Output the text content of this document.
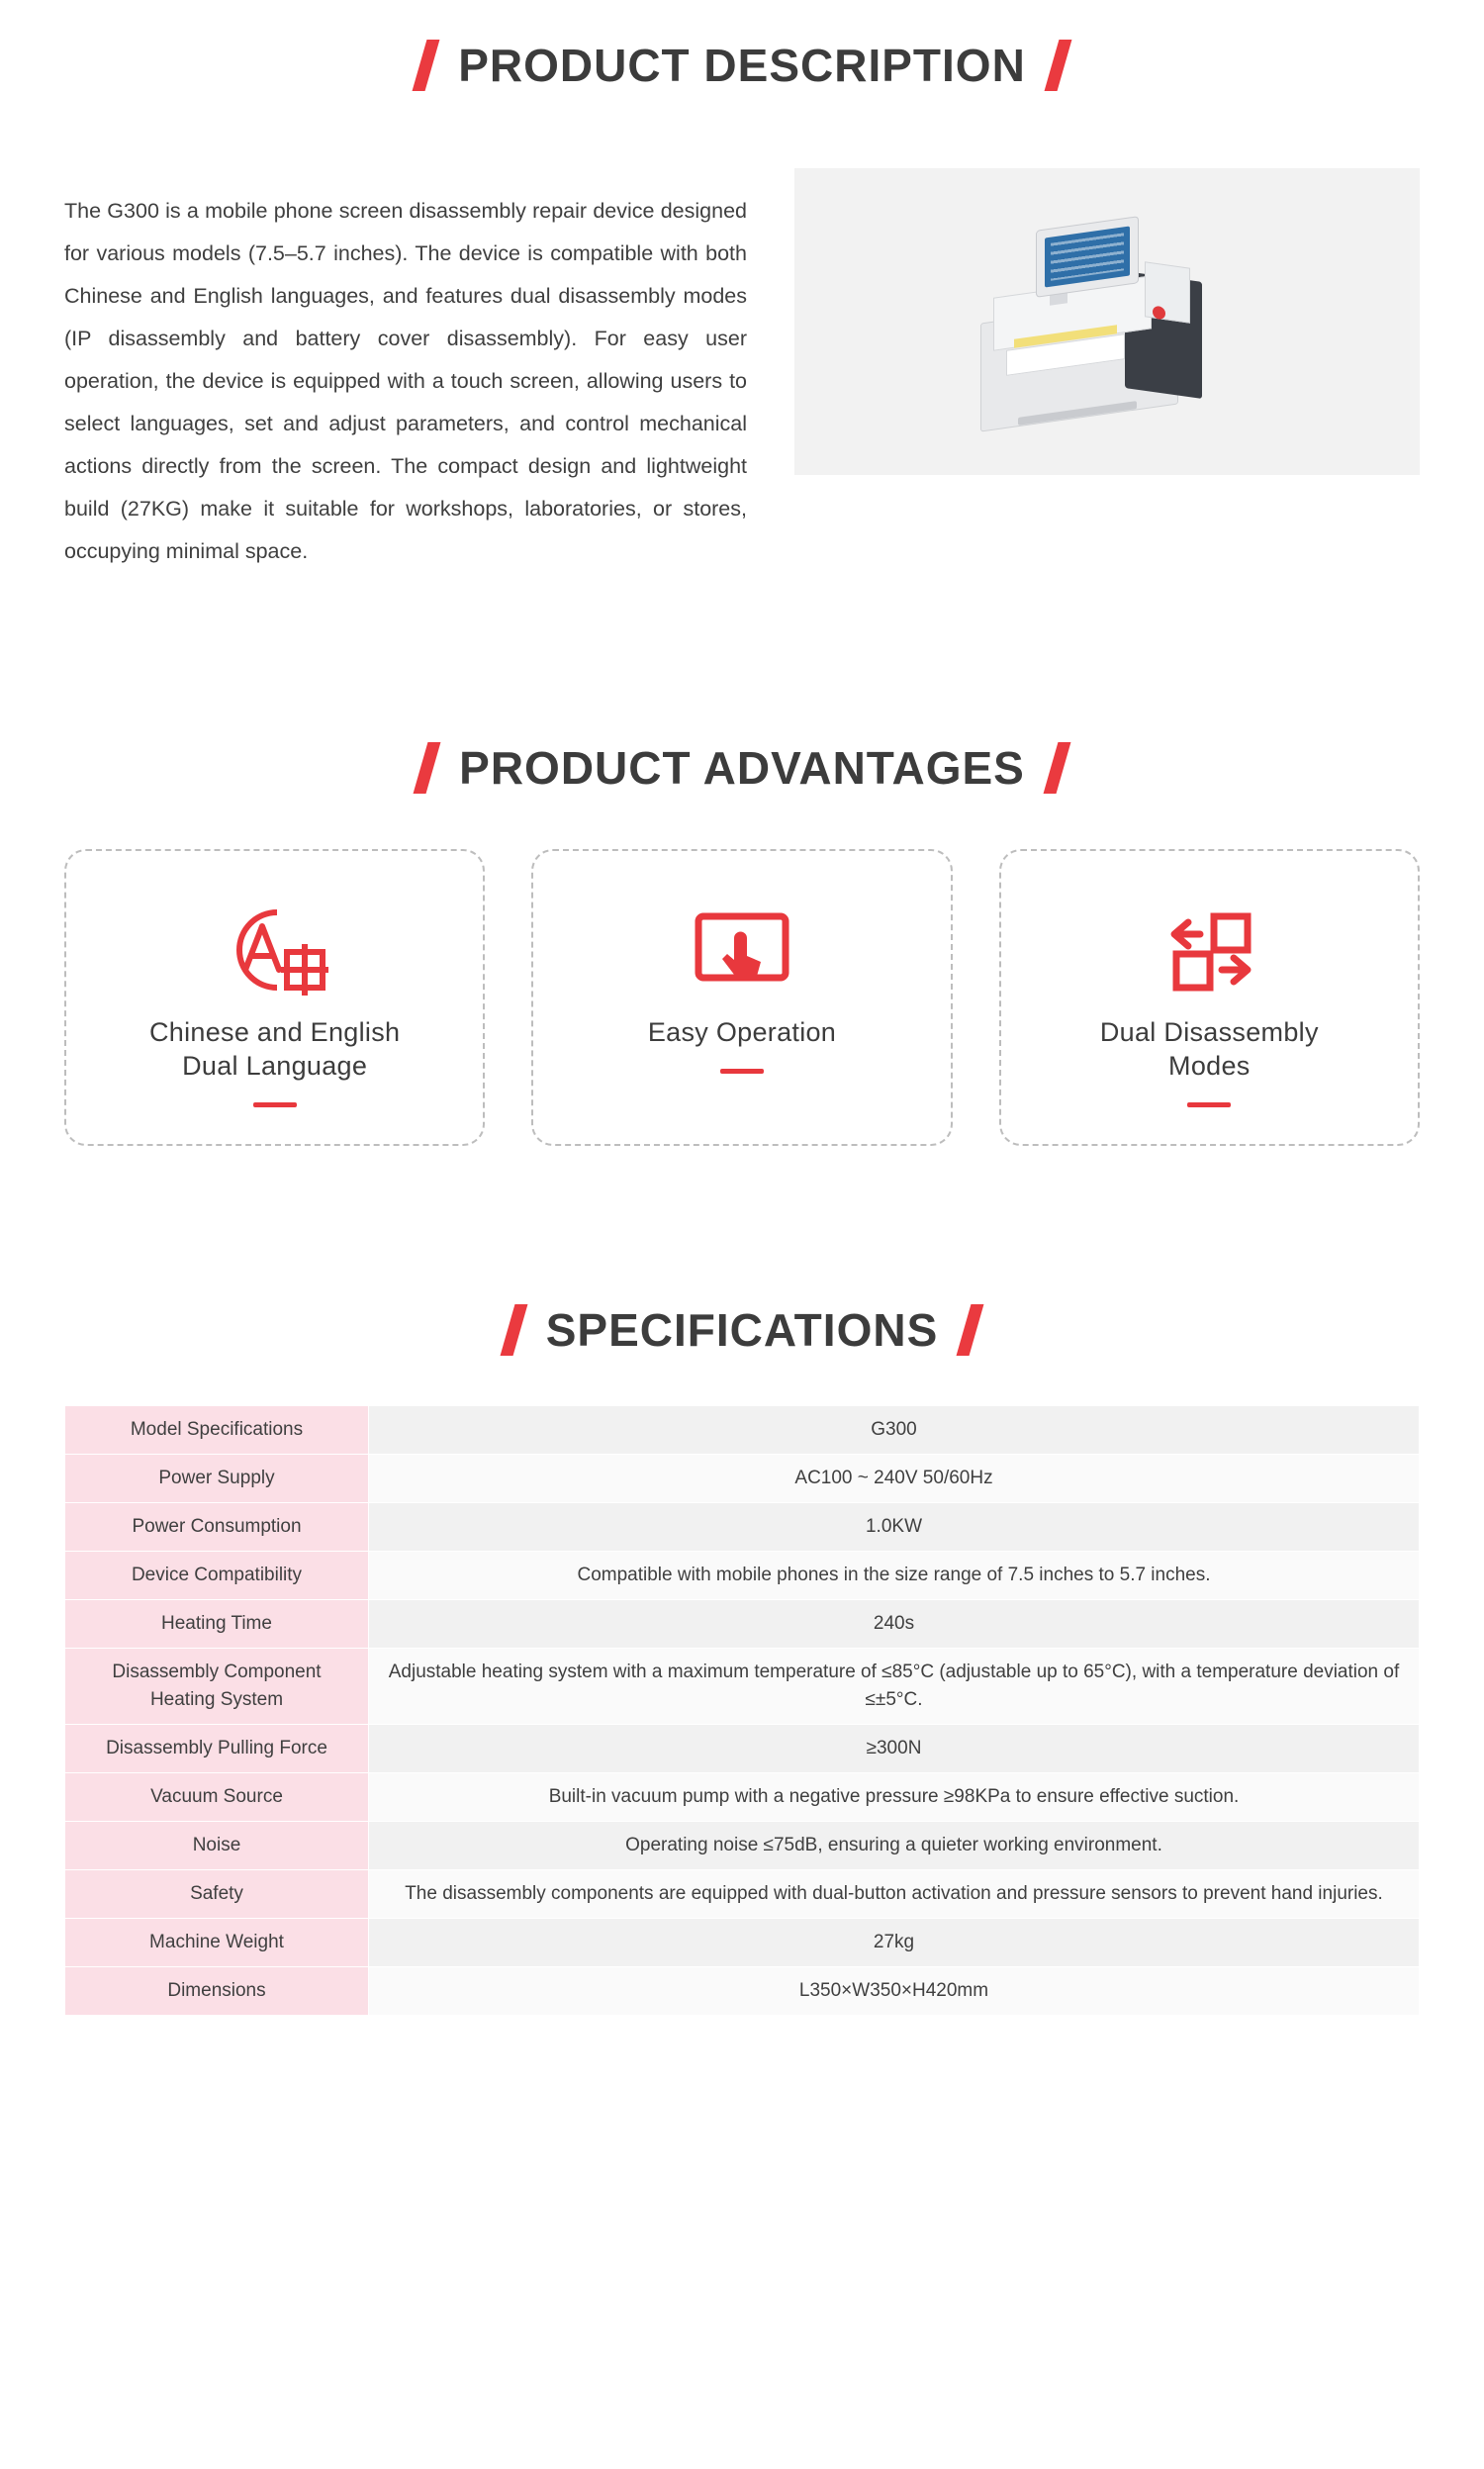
PRODUCT DESCRIPTION

The G300 is a mobile phone screen disassembly repair device designed for various models (7.5–5.7 inches). The device is compatible with both Chinese and English languages, and features dual disassembly modes (IP disassembly and battery cover disassembly). For easy user operation, the device is equipped with a touch screen, allowing users to select languages, set and adjust parameters, and control mechanical actions directly from the screen. The compact design and lightweight build (27KG) make it suitable for workshops, laboratories, or stores, occupying minimal space.

PRODUCT ADVANTAGES
Chinese and English
Dual Language
Easy Operation	Dual Disassembly
Modes
SPECIFICATIONS
Model Specifications	G300
Power Supply	AC100 ~ 240V 50/60Hz
Power Consumption	1.0KW
Device Compatibility	Compatible with mobile phones in the size range of 7.5 inches to 5.7 inches.
Heating Time	240s
Disassembly Component Heating System	Adjustable heating system with a maximum temperature of ≤85°C (adjustable up to 65°C), with a temperature deviation of ≤±5°C.
Disassembly Pulling Force	≥300N
Vacuum Source	Built-in vacuum pump with a negative pressure ≥98KPa to ensure effective suction.
Noise	Operating noise ≤75dB, ensuring a quieter working environment.
Safety	The disassembly components are equipped with dual-button activation and pressure sensors to prevent hand injuries.
Machine Weight	27kg
Dimensions	L350×W350×H420mm
